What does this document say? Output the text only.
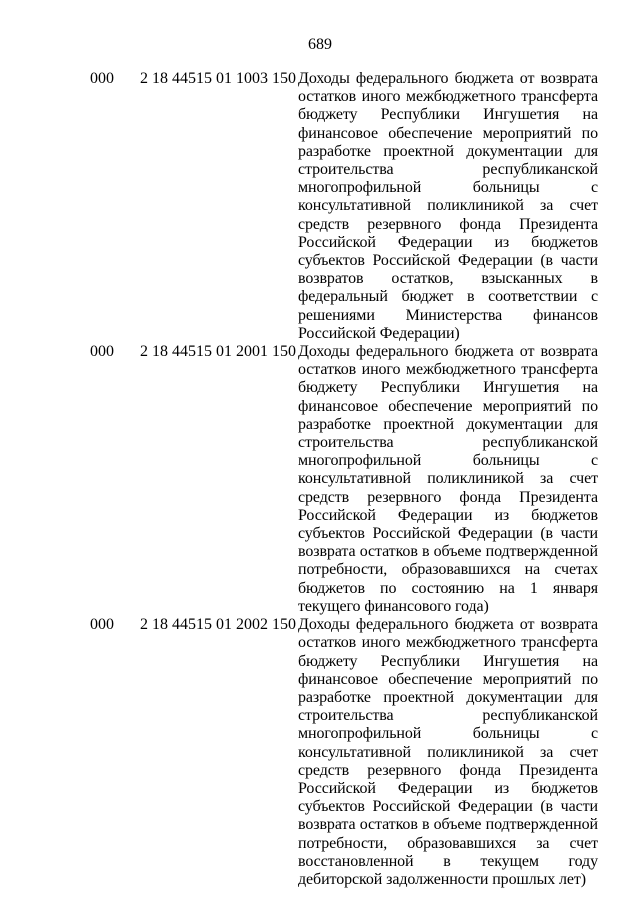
689
000 2 18 44515 01 1003 150 Доходы федерального бюджета от возврата остатков иного межбюджетного трансферта бюджету Республики Ингушетия на финансовое обеспечение мероприятий по разработке проектной документации для строительства республиканской многопрофильной больницы с консультативной поликлиникой за счет средств резервного фонда Президента Российской Федерации из бюджетов субъектов Российской Федерации (в части возвратов остатков, взысканных в федеральный бюджет в соответствии с решениями Министерства финансов Российской Федерации)
000 2 18 44515 01 2001 150 Доходы федерального бюджета от возврата остатков иного межбюджетного трансферта бюджету Республики Ингушетия на финансовое обеспечение мероприятий по разработке проектной документации для строительства республиканской многопрофильной больницы с консультативной поликлиникой за счет средств резервного фонда Президента Российской Федерации из бюджетов субъектов Российской Федерации (в части возврата остатков в объеме подтвержденной потребности, образовавшихся на счетах бюджетов по состоянию на 1 января текущего финансового года)
000 2 18 44515 01 2002 150 Доходы федерального бюджета от возврата остатков иного межбюджетного трансферта бюджету Республики Ингушетия на финансовое обеспечение мероприятий по разработке проектной документации для строительства республиканской многопрофильной больницы с консультативной поликлиникой за счет средств резервного фонда Президента Российской Федерации из бюджетов субъектов Российской Федерации (в части возврата остатков в объеме подтвержденной потребности, образовавшихся за счет восстановленной в текущем году дебиторской задолженности прошлых лет)
